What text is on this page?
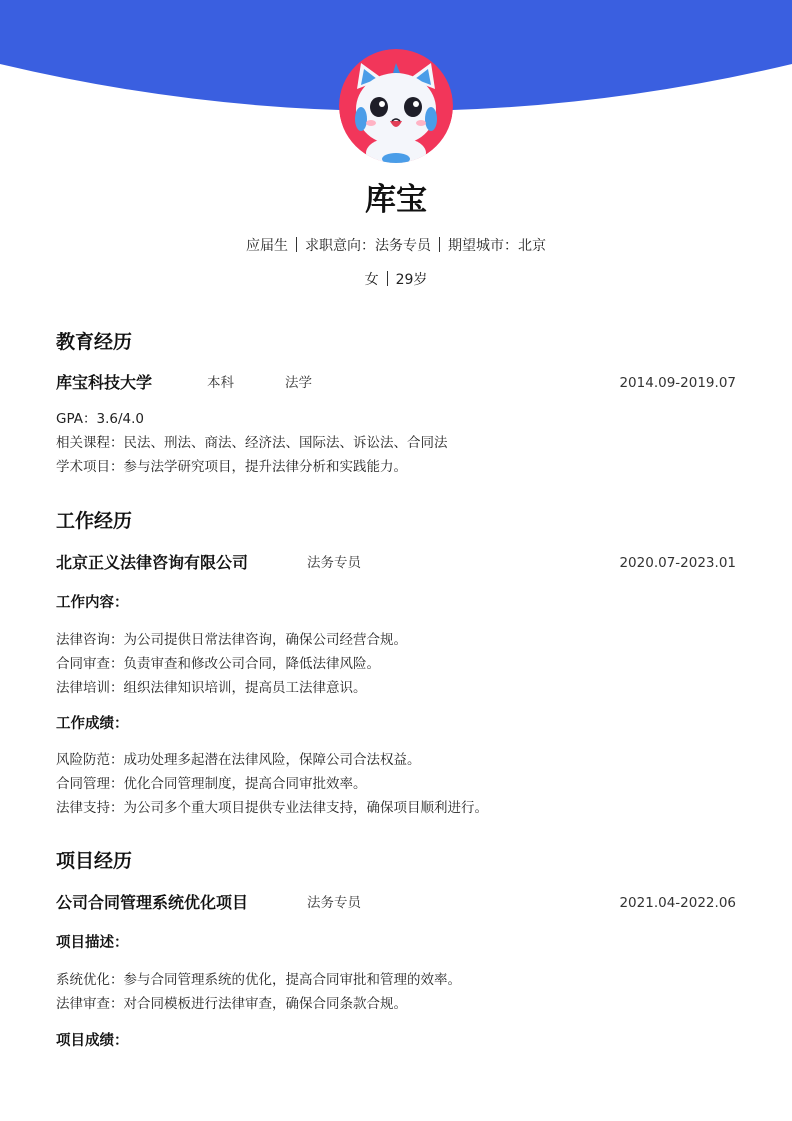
库宝
应届生 求职意向：法务专员 期望城市：北京
女 29岁
教育经历
库宝科技大学	本科	法学	2014.09-2019.07
GPA：3.6/4.0
相关课程：民法、刑法、商法、经济法、国际法、诉讼法、合同法
学术项目：参与法学研究项目，提升法律分析和实践能力。
工作经历
北京正义法律咨询有限公司	法务专员	2020.07-2023.01
工作内容：
法律咨询：为公司提供日常法律咨询，确保公司经营合规。
合同审查：负责审查和修改公司合同，降低法律风险。
法律培训：组织法律知识培训，提高员工法律意识。
工作成绩：
风险防范：成功处理多起潜在法律风险，保障公司合法权益。
合同管理：优化合同管理制度，提高合同审批效率。
法律支持：为公司多个重大项目提供专业法律支持，确保项目顺利进行。
项目经历
公司合同管理系统优化项目	法务专员	2021.04-2022.06
项目描述：
系统优化：参与合同管理系统的优化，提高合同审批和管理的效率。
法律审查：对合同模板进行法律审查，确保合同条款合规。
项目成绩：
